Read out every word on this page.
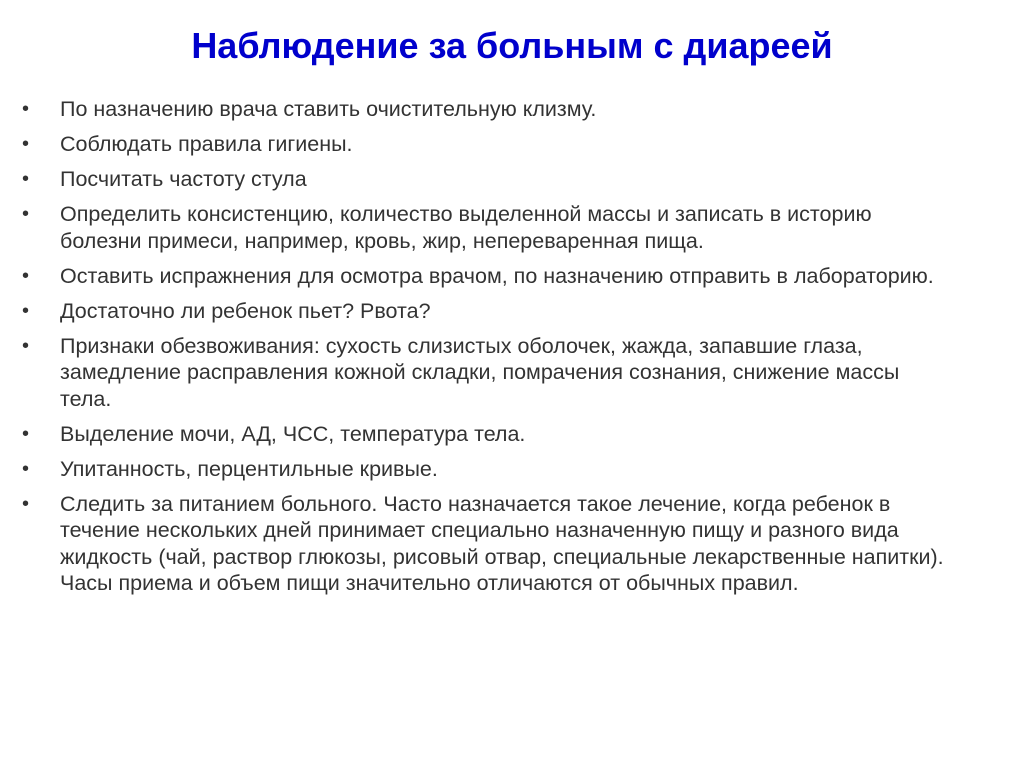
Наблюдение за больным с диареей
•	По назначению врача ставить очистительную клизму.
•	Соблюдать правила гигиены.
•	Посчитать частоту стула
•	Определить консистенцию, количество выделенной массы и записать в историю болезни примеси, например, кровь, жир, непереваренная пища.
•	Оставить испражнения для осмотра врачом, по назначению отправить в лабораторию.
•	Достаточно ли ребенок пьет? Рвота?
•	Признаки обезвоживания: сухость слизистых оболочек, жажда, запавшие глаза, замедление расправления кожной складки, помрачения сознания, снижение массы тела.
•	Выделение мочи, АД, ЧСС, температура тела.
•	Упитанность, перцентильные кривые.
•	Следить за питанием больного. Часто назначается такое лечение, когда ребенок в течение нескольких дней принимает специально назначенную пищу и разного вида жидкость (чай, раствор глюкозы, рисовый отвар, специальные лекарственные напитки). Часы приема и объем пищи значительно отличаются от обычных правил.
